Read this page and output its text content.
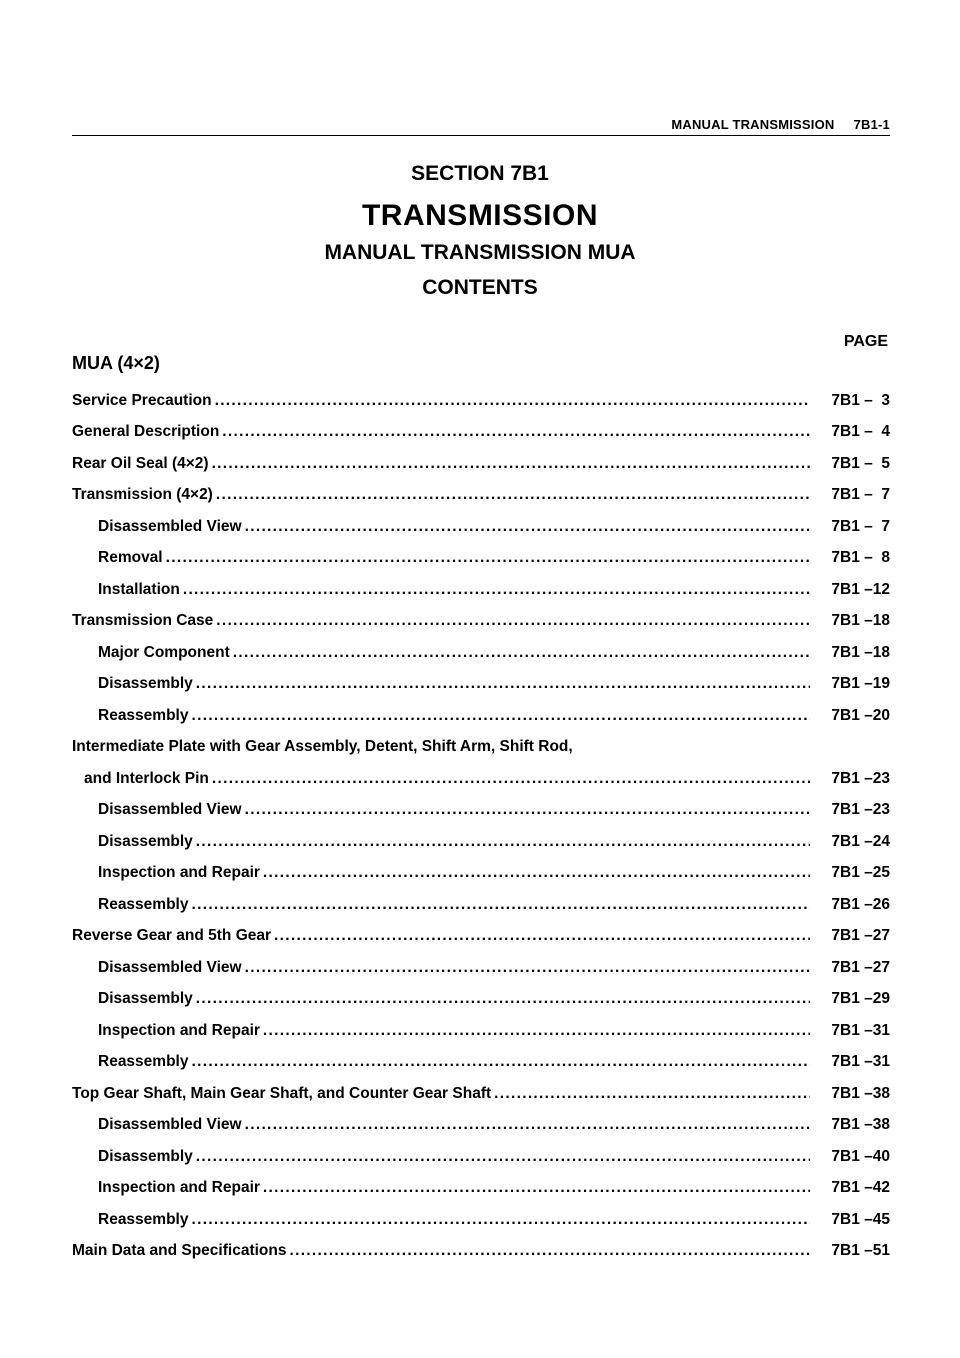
MANUAL TRANSMISSION 7B1-1
SECTION 7B1
TRANSMISSION
MANUAL TRANSMISSION MUA
CONTENTS
PAGE
MUA (4×2)
Service Precaution . . .	7B1 –  3
General Description . . .	7B1 –  4
Rear Oil Seal (4×2) . . .	7B1 –  5
Transmission (4×2) . . .	7B1 –  7
Disassembled View . . .	7B1 –  7
Removal . . .	7B1 –  8
Installation . . .	7B1 –12
Transmission Case . . .	7B1 –18
Major Component . . .	7B1 –18
Disassembly . . .	7B1 –19
Reassembly . . .	7B1 –20
Intermediate Plate with Gear Assembly, Detent, Shift Arm, Shift Rod,
and Interlock Pin . . .	7B1 –23
Disassembled View . . .	7B1 –23
Disassembly . . .	7B1 –24
Inspection and Repair . . .	7B1 –25
Reassembly . . .	7B1 –26
Reverse Gear and 5th Gear . . .	7B1 –27
Disassembled View . . .	7B1 –27
Disassembly . . .	7B1 –29
Inspection and Repair . . .	7B1 –31
Reassembly . . .	7B1 –31
Top Gear Shaft, Main Gear Shaft, and Counter Gear Shaft . . .	7B1 –38
Disassembled View . . .	7B1 –38
Disassembly . . .	7B1 –40
Inspection and Repair . . .	7B1 –42
Reassembly . . .	7B1 –45
Main Data and Specifications . . .	7B1 –51
